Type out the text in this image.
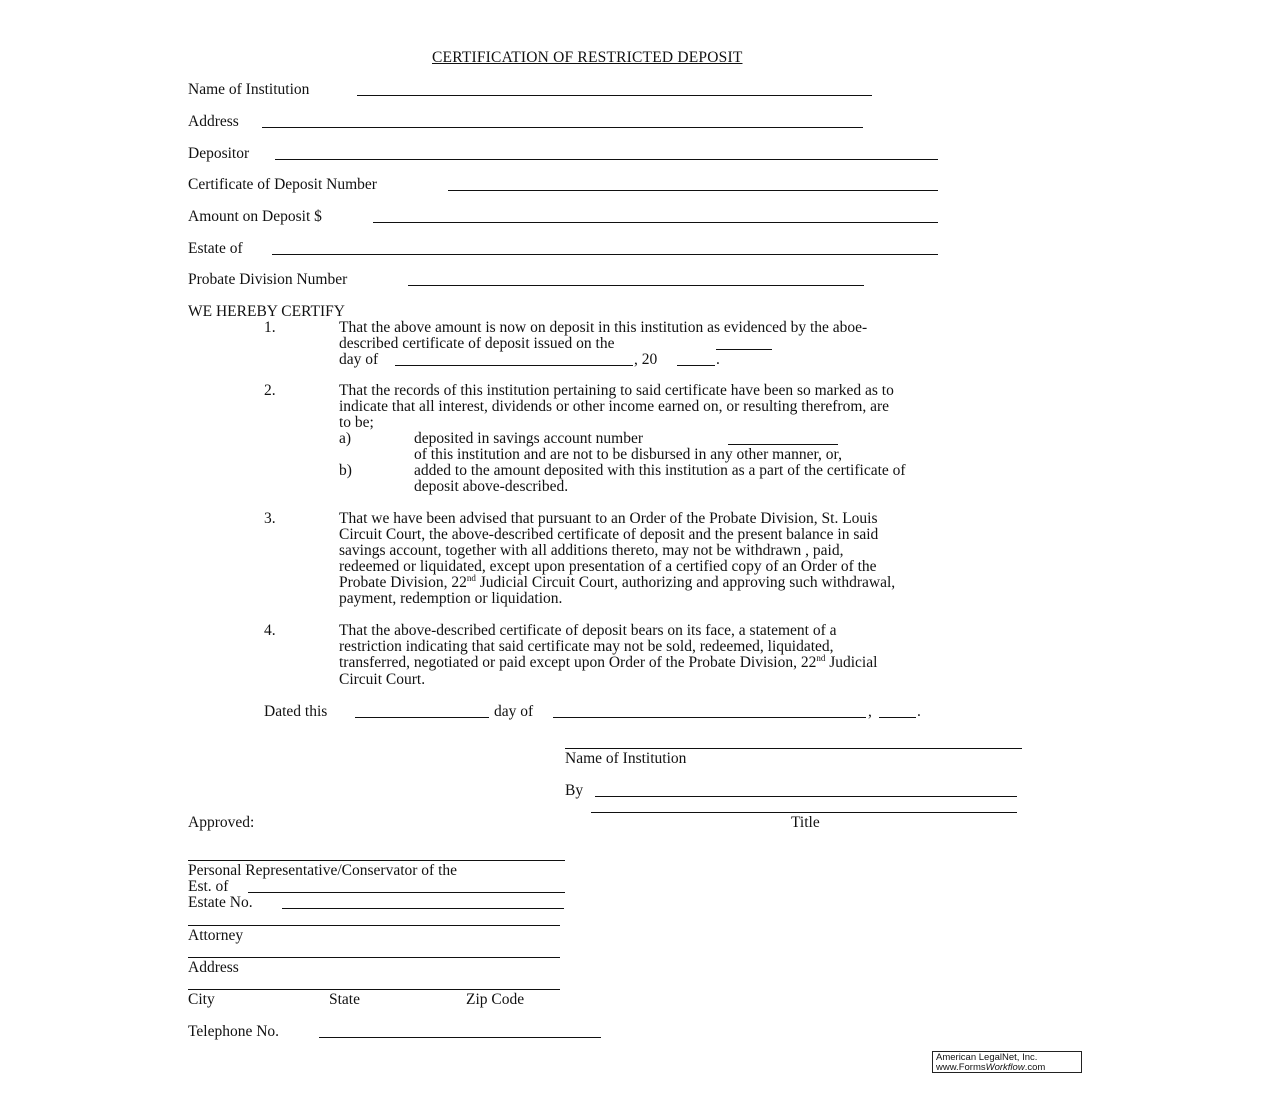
CERTIFICATION OF RESTRICTED DEPOSIT
Name of Institution
Address
Depositor
Certificate of Deposit Number
Amount on Deposit $
Estate of
Probate Division Number
WE HEREBY CERTIFY
1.	That the above amount is now on deposit in this institution as evidenced by the aboe-
described certificate of deposit issued on the
day of	, 20	.
2.	That the records of this institution pertaining to said certificate have been so marked as to
indicate that all interest, dividends or other income earned on, or resulting therefrom, are
to be;
a)	deposited in savings account number
of this institution and are not to be disbursed in any other manner, or,
b)	added to the amount deposited with this institution as a part of the certificate of
deposit above-described.
3.	That we have been advised that pursuant to an Order of the Probate Division, St. Louis
Circuit Court, the above-described certificate of deposit and the present balance in said
savings account, together with all additions thereto, may not be withdrawn , paid,
redeemed or liquidated, except upon presentation of a certified copy of an Order of the
Probate Division, 22nd Judicial Circuit Court, authorizing and approving such withdrawal,
payment, redemption or liquidation.
4.	That the above-described certificate of deposit bears on its face, a statement of a
restriction indicating that said certificate may not be sold, redeemed, liquidated,
transferred, negotiated or paid except upon Order of the Probate Division, 22nd Judicial
Circuit Court.
Dated this	day of	,	.
Name of Institution
By
Title
Approved:
Personal Representative/Conservator of the
Est. of
Estate No.
Attorney
Address
City	State	Zip Code
Telephone No.
American LegalNet, Inc.
www.FormsWorkflow.com
